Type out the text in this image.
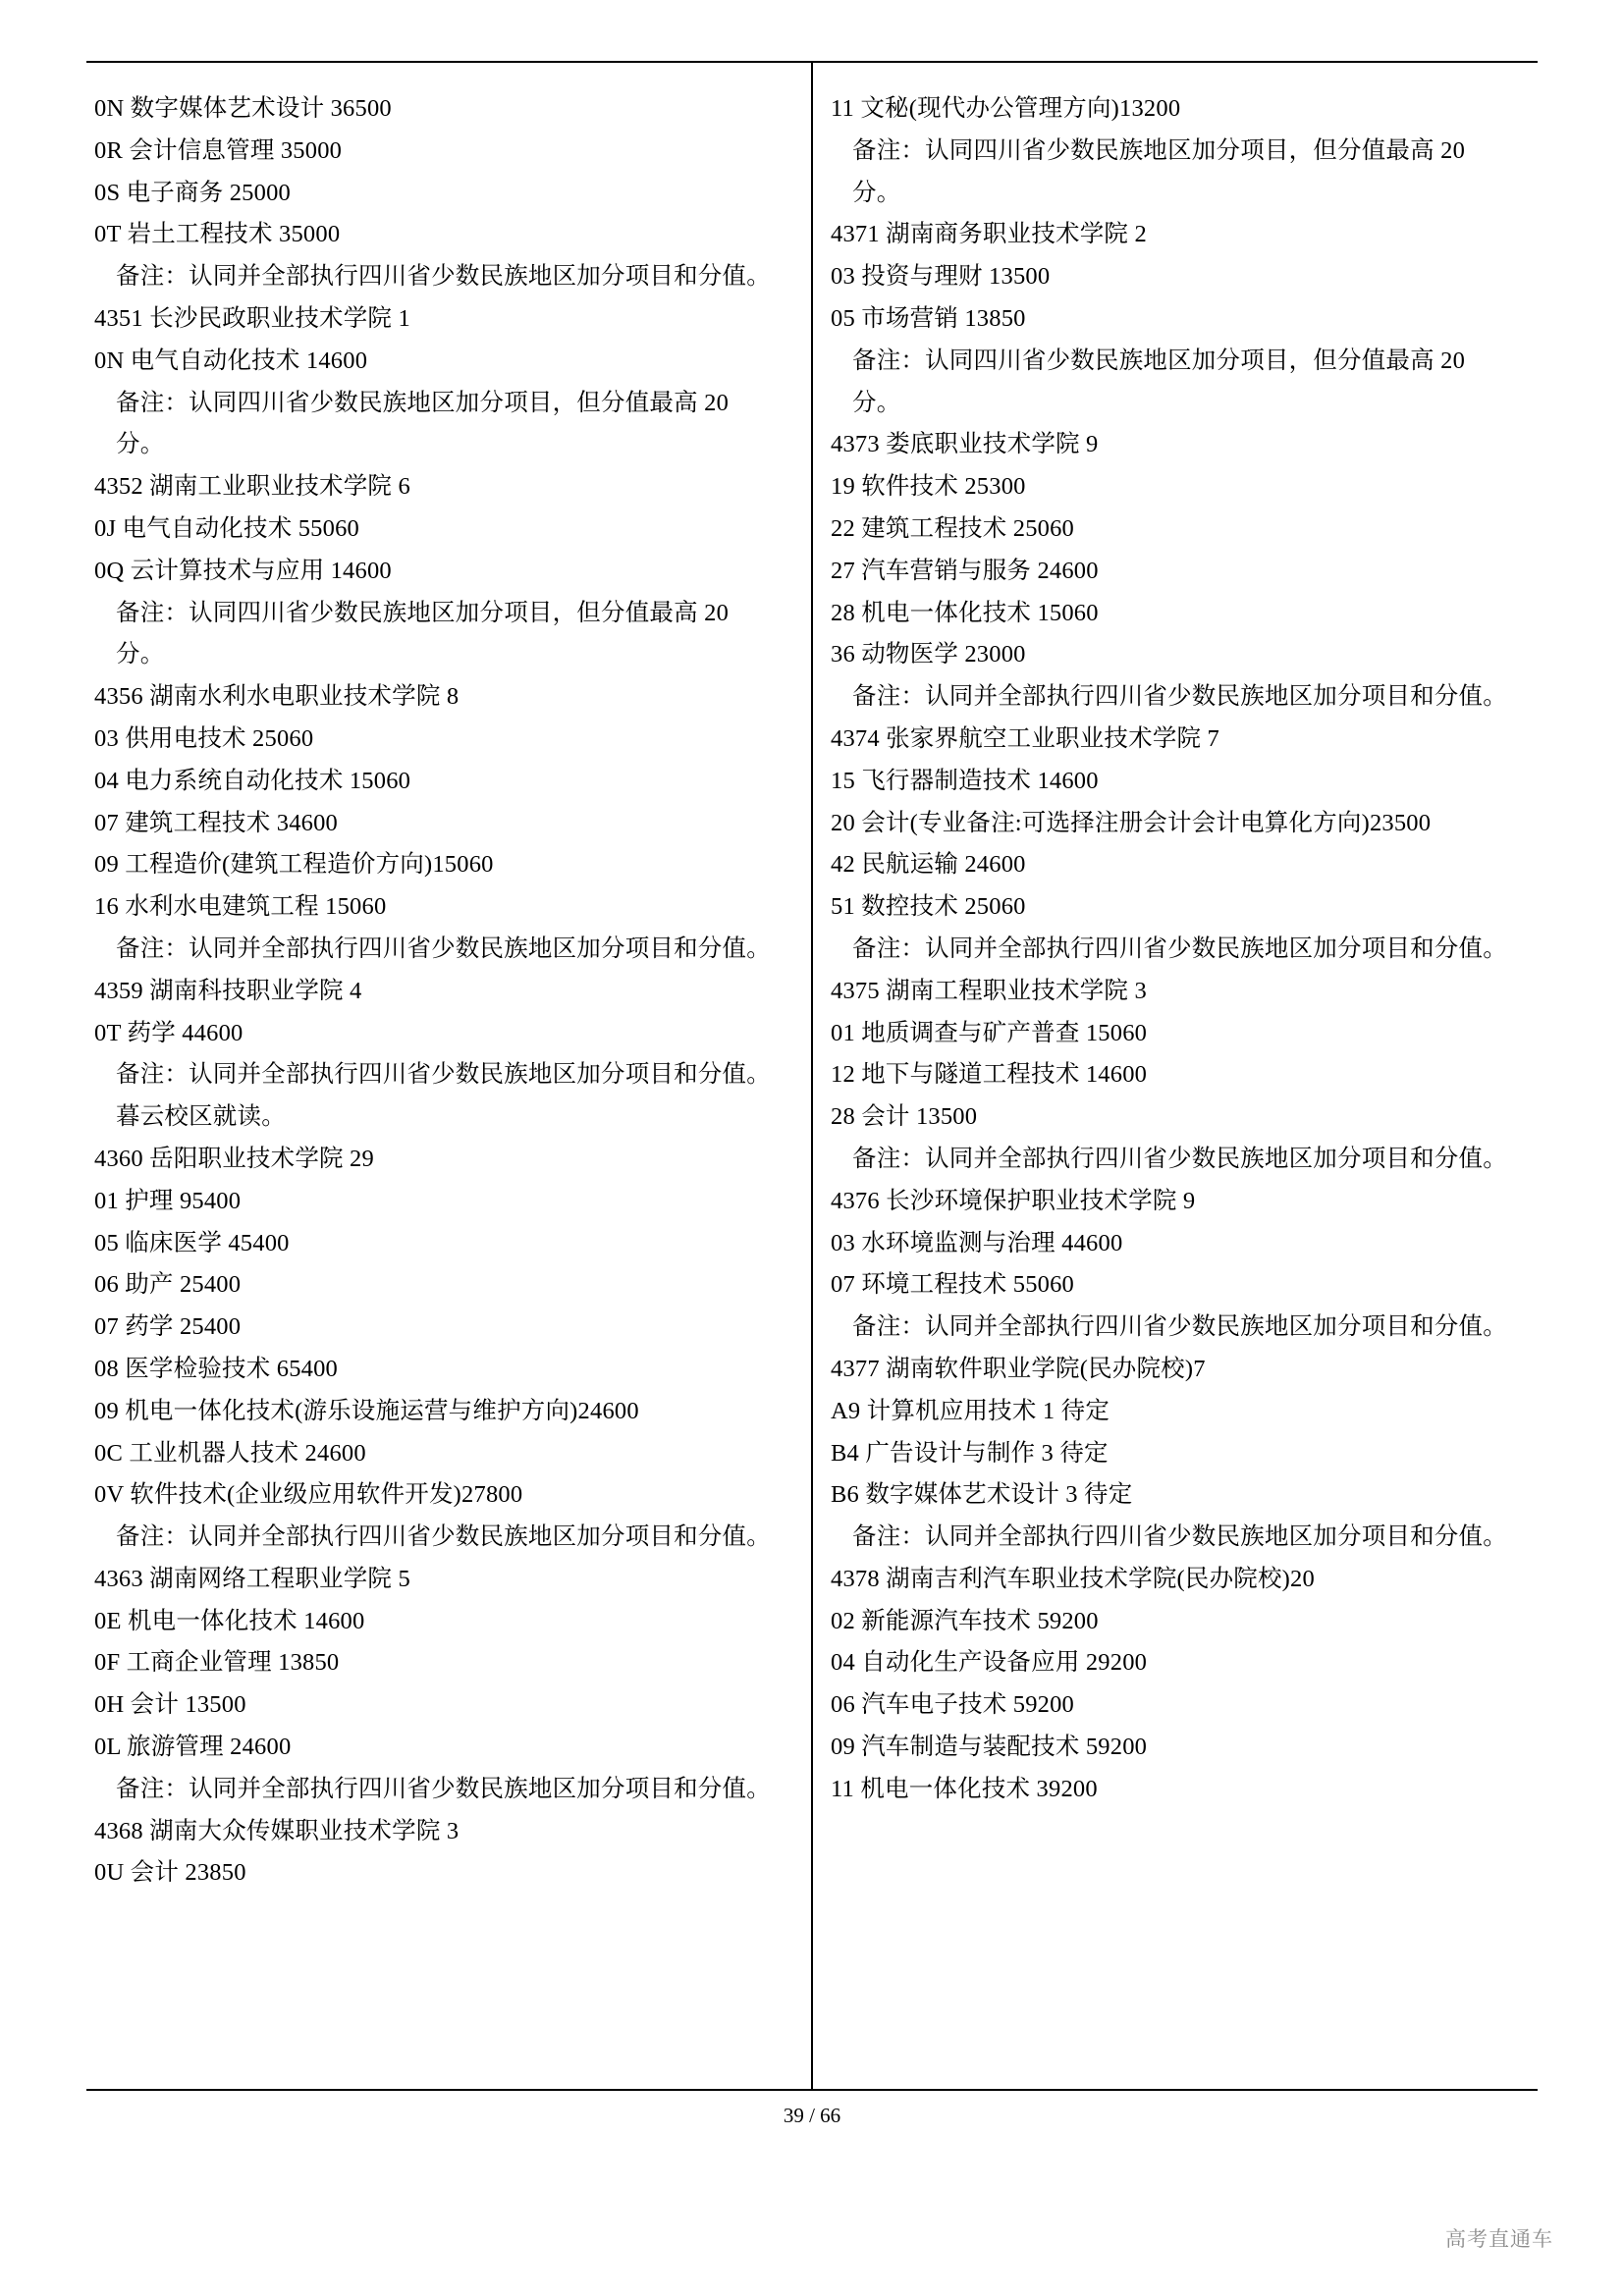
0N 数字媒体艺术设计 36500
0R 会计信息管理 35000
0S 电子商务 25000
0T 岩土工程技术 35000
备注：认同并全部执行四川省少数民族地区加分项目和分值。
4351 长沙民政职业技术学院 1
0N 电气自动化技术 14600
备注：认同四川省少数民族地区加分项目，但分值最高 20 分。
4352 湖南工业职业技术学院 6
0J 电气自动化技术 55060
0Q 云计算技术与应用 14600
备注：认同四川省少数民族地区加分项目，但分值最高 20 分。
4356 湖南水利水电职业技术学院 8
03 供用电技术 25060
04 电力系统自动化技术 15060
07 建筑工程技术 34600
09 工程造价(建筑工程造价方向)15060
16 水利水电建筑工程 15060
备注：认同并全部执行四川省少数民族地区加分项目和分值。
4359 湖南科技职业学院 4
0T 药学 44600
备注：认同并全部执行四川省少数民族地区加分项目和分值。暮云校区就读。
4360 岳阳职业技术学院 29
01 护理 95400
05 临床医学 45400
06 助产 25400
07 药学 25400
08 医学检验技术 65400
09 机电一体化技术(游乐设施运营与维护方向)24600
0C 工业机器人技术 24600
0V 软件技术(企业级应用软件开发)27800
备注：认同并全部执行四川省少数民族地区加分项目和分值。
4363 湖南网络工程职业学院 5
0E 机电一体化技术 14600
0F 工商企业管理 13850
0H 会计 13500
0L 旅游管理 24600
备注：认同并全部执行四川省少数民族地区加分项目和分值。
4368 湖南大众传媒职业技术学院 3
0U 会计 23850
11 文秘(现代办公管理方向)13200
备注：认同四川省少数民族地区加分项目，但分值最高 20 分。
4371 湖南商务职业技术学院 2
03 投资与理财 13500
05 市场营销 13850
备注：认同四川省少数民族地区加分项目，但分值最高 20 分。
4373 娄底职业技术学院 9
19 软件技术 25300
22 建筑工程技术 25060
27 汽车营销与服务 24600
28 机电一体化技术 15060
36 动物医学 23000
备注：认同并全部执行四川省少数民族地区加分项目和分值。
4374 张家界航空工业职业技术学院 7
15 飞行器制造技术 14600
20 会计(专业备注:可选择注册会计会计电算化方向)23500
42 民航运输 24600
51 数控技术 25060
备注：认同并全部执行四川省少数民族地区加分项目和分值。
4375 湖南工程职业技术学院 3
01 地质调查与矿产普查 15060
12 地下与隧道工程技术 14600
28 会计 13500
备注：认同并全部执行四川省少数民族地区加分项目和分值。
4376 长沙环境保护职业技术学院 9
03 水环境监测与治理 44600
07 环境工程技术 55060
备注：认同并全部执行四川省少数民族地区加分项目和分值。
4377 湖南软件职业学院(民办院校)7
A9 计算机应用技术 1 待定
B4 广告设计与制作 3 待定
B6 数字媒体艺术设计 3 待定
备注：认同并全部执行四川省少数民族地区加分项目和分值。
4378 湖南吉利汽车职业技术学院(民办院校)20
02 新能源汽车技术 59200
04 自动化生产设备应用 29200
06 汽车电子技术 59200
09 汽车制造与装配技术 59200
11 机电一体化技术 39200
39 / 66
高考直通车
